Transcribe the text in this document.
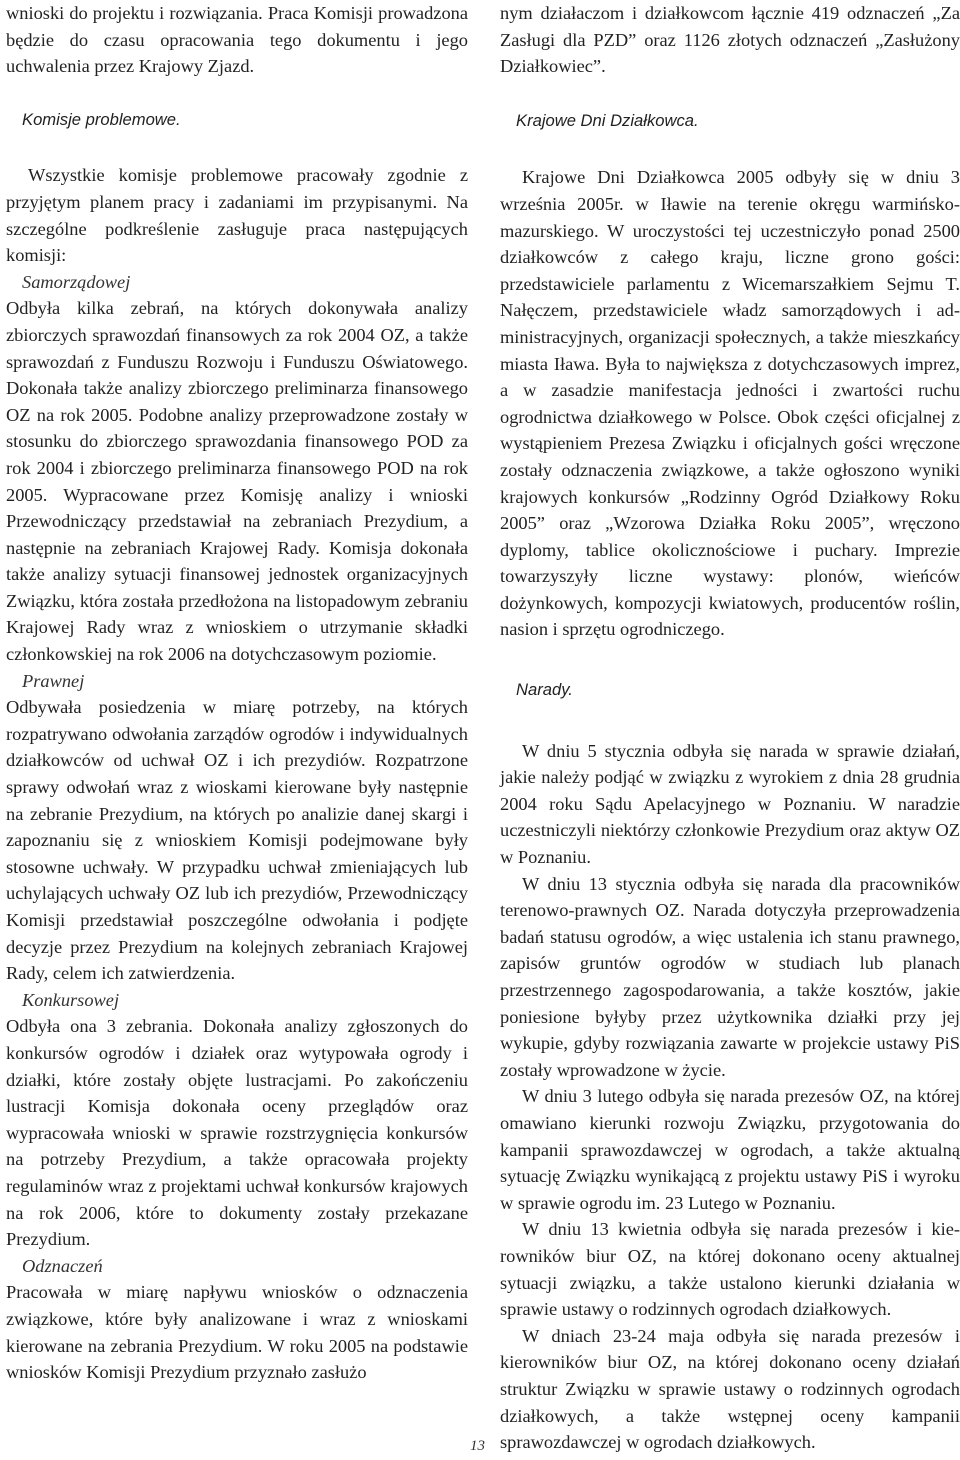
wnioski do projektu i rozwiązania. Praca Komisji prowadzona będzie do czasu opracowania tego dokumentu i jego uchwalenia przez Krajowy Zjazd.

Komisje problemowe.

Wszystkie komisje problemowe pracowały zgodnie z przyjętym planem pracy i zadaniami im przypisanymi. Na szczególne podkreślenie zasługuje praca następujących komisji:

Samorządowej

Odbyła kilka zebrań, na których dokonywała analizy zbiorczych sprawozdań finansowych za rok 2004 OZ, a także sprawozdań z Funduszu Rozwoju i Funduszu Oświatowego. Dokonała także analizy zbiorczego preliminarza finansowego OZ na rok 2005. Podobne analizy przeprowadzone zostały w stosunku do zbiorczego sprawozdania finansowego POD za rok 2004 i zbiorczego preliminarza finansowego POD na rok 2005. Wypracowane przez Komisję analizy i wnioski Przewodniczący przedstawiał na zebraniach Prezydium, a następnie na zebraniach Krajowej Rady. Komisja dokonała także analizy sytuacji finansowej jednostek organizacyjnych Związku, która została przedłożona na listopadowym zebraniu Krajowej Rady wraz z wnioskiem o utrzymanie składki członkowskiej na rok 2006 na dotychczasowym poziomie.

Prawnej

Odbywała posiedzenia w miarę potrzeby, na których rozpatrywano odwołania zarządów ogrodów i indywidualnych działkowców od uchwał OZ i ich prezydiów. Rozpatrzone sprawy odwołań wraz z wioskami kierowane były następnie na zebranie Prezydium, na których po analizie danej skargi i zapoznaniu się z wnioskiem Komisji podejmowane były stosowne uchwały. W przypadku uchwał zmieniających lub uchylających uchwały OZ lub ich prezydiów, Przewodniczący Komisji przedstawiał poszczególne odwołania i podjęte decyzje przez Prezydium na kolejnych zebraniach Krajowej Rady, celem ich zatwierdzenia.

Konkursowej

Odbyła ona 3 zebrania. Dokonała analizy zgłoszonych do konkursów ogrodów i działek oraz wytypowała ogrody i działki, które zostały objęte lustracjami. Po zakończeniu lustracji Komisja dokonała oceny przeglądów oraz wypracowała wnioski w sprawie rozstrzygnięcia konkursów na potrzeby Prezydium, a także opracowała projekty regulaminów wraz z projektami uchwał konkursów krajowych na rok 2006, które to dokumenty zostały przekazane Prezydium.

Odznaczeń

Pracowała w miarę napływu wniosków o odznaczenia związkowe, które były analizowane i wraz z wnioskami kierowane na zebrania Prezydium. W roku 2005 na podstawie wniosków Komisji Prezydium przyznało zasłużo

nym działaczom i działkowcom łącznie 419 odznaczeń „Za Zasługi dla PZD” oraz 1126 złotych odznaczeń „Zasłużony Działkowiec”.

Krajowe Dni Działkowca.

Krajowe Dni Działkowca 2005 odbyły się w dniu 3 września 2005r. w Iławie na terenie okręgu warmińsko-mazurskiego. W uroczystości tej uczestniczyło ponad 2500 działkowców z całego kraju, liczne grono gości: przedstawiciele parlamentu z Wicemarszałkiem Sejmu T. Nałęczem, przedstawiciele władz samorządowych i administracyjnych, organizacji społecznych, a także mieszkańcy miasta Iława. Była to największa z dotychczasowych imprez, a w zasadzie manifestacja jedności i zwartości ruchu ogrodnictwa działkowego w Polsce. Obok części oficjalnej z wystąpieniem Prezesa Związku i oficjalnych gości wręczone zostały odznaczenia związkowe, a także ogłoszono wyniki krajowych konkursów „Rodzinny Ogród Działkowy Roku 2005” oraz „Wzorowa Działka Roku 2005”, wręczono dyplomy, tablice okolicznościowe i puchary. Imprezie towarzyszyły liczne wystawy: plonów, wieńców dożynkowych, kompozycji kwiatowych, producentów roślin, nasion i sprzętu ogrodniczego.

Narady.

W dniu 5 stycznia odbyła się narada w sprawie działań, jakie należy podjąć w związku z wyrokiem z dnia 28 grudnia 2004 roku Sądu Apelacyjnego w Poznaniu. W naradzie uczestniczyli niektórzy członkowie Prezydium oraz aktyw OZ w Poznaniu.

W dniu 13 stycznia odbyła się narada dla pracowników terenowo-prawnych OZ. Narada dotyczyła przeprowadzenia badań statusu ogrodów, a więc ustalenia ich stanu prawnego, zapisów gruntów ogrodów w studiach lub planach przestrzennego zagospodarowania, a także kosztów, jakie poniesione byłyby przez użytkownika działki przy jej wykupie, gdyby rozwiązania zawarte w projekcie ustawy PiS zostały wprowadzone w życie.

W dniu 3 lutego odbyła się narada prezesów OZ, na której omawiano kierunki rozwoju Związku, przygotowania do kampanii sprawozdawczej w ogrodach, a także aktualną sytuację Związku wynikającą z projektu ustawy PiS i wyroku w sprawie ogrodu im. 23 Lutego w Poznaniu.

W dniu 13 kwietnia odbyła się narada prezesów i kierowników biur OZ, na której dokonano oceny aktualnej sytuacji związku, a także ustalono kierunki działania w sprawie ustawy o rodzinnych ogrodach działkowych.

W dniach 23-24 maja odbyła się narada prezesów i kierowników biur OZ, na której dokonano oceny działań struktur Związku w sprawie ustawy o rodzinnych ogrodach działkowych, a także wstępnej oceny kampanii sprawozdawczej w ogrodach działkowych.

13
